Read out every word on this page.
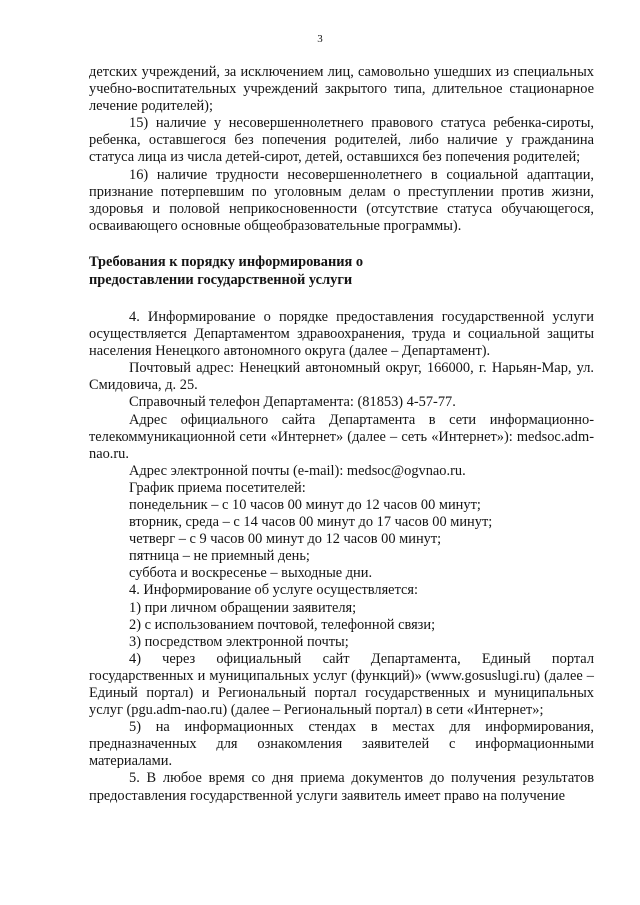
3

детских учреждений, за исключением лиц, самовольно ушедших из специальных учебно-воспитательных учреждений закрытого типа, длительное стационарное лечение родителей);

15) наличие у несовершеннолетнего правового статуса ребенка-сироты, ребенка, оставшегося без попечения родителей, либо наличие у гражданина статуса лица из числа детей-сирот, детей, оставшихся без попечения родителей;

16) наличие трудности несовершеннолетнего в социальной адаптации, признание потерпевшим по уголовным делам о преступлении против жизни, здоровья и половой неприкосновенности (отсутствие статуса обучающегося, осваивающего основные общеобразовательные программы).

Требования к порядку информирования о

предоставлении государственной услуги

4. Информирование о порядке предоставления государственной услуги осуществляется Департаментом здравоохранения, труда и социальной защиты населения Ненецкого автономного округа (далее – Департамент).

Почтовый адрес: Ненецкий автономный округ, 166000, г. Нарьян-Мар, ул. Смидовича, д. 25.

Справочный телефон Департамента: (81853) 4-57-77.

Адрес официального сайта Департамента в сети информационно-телекоммуникационной сети «Интернет» (далее – сеть «Интернет»): medsoc.adm-nao.ru.

Адрес электронной почты (e-mail): medsoc@ogvnao.ru.

График приема посетителей:

понедельник – с 10 часов 00 минут до 12 часов 00 минут;

вторник, среда – с 14 часов 00 минут до 17 часов 00 минут;

четверг – с 9 часов 00 минут до 12 часов 00 минут;

пятница – не приемный день;

суббота и воскресенье – выходные дни.

4. Информирование об услуге осуществляется:

1) при личном обращении заявителя;

2) с использованием почтовой, телефонной связи;

3) посредством электронной почты;

4) через официальный сайт Департамента, Единый портал государственных и муниципальных услуг (функций)» (www.gosuslugi.ru) (далее – Единый портал) и Региональный портал государственных и муниципальных услуг (pgu.adm-nao.ru) (далее – Региональный портал) в сети «Интернет»;

5) на информационных стендах в местах для информирования, предназначенных для ознакомления заявителей с информационными материалами.

5. В любое время со дня приема документов до получения результатов предоставления государственной услуги заявитель имеет право на получение
